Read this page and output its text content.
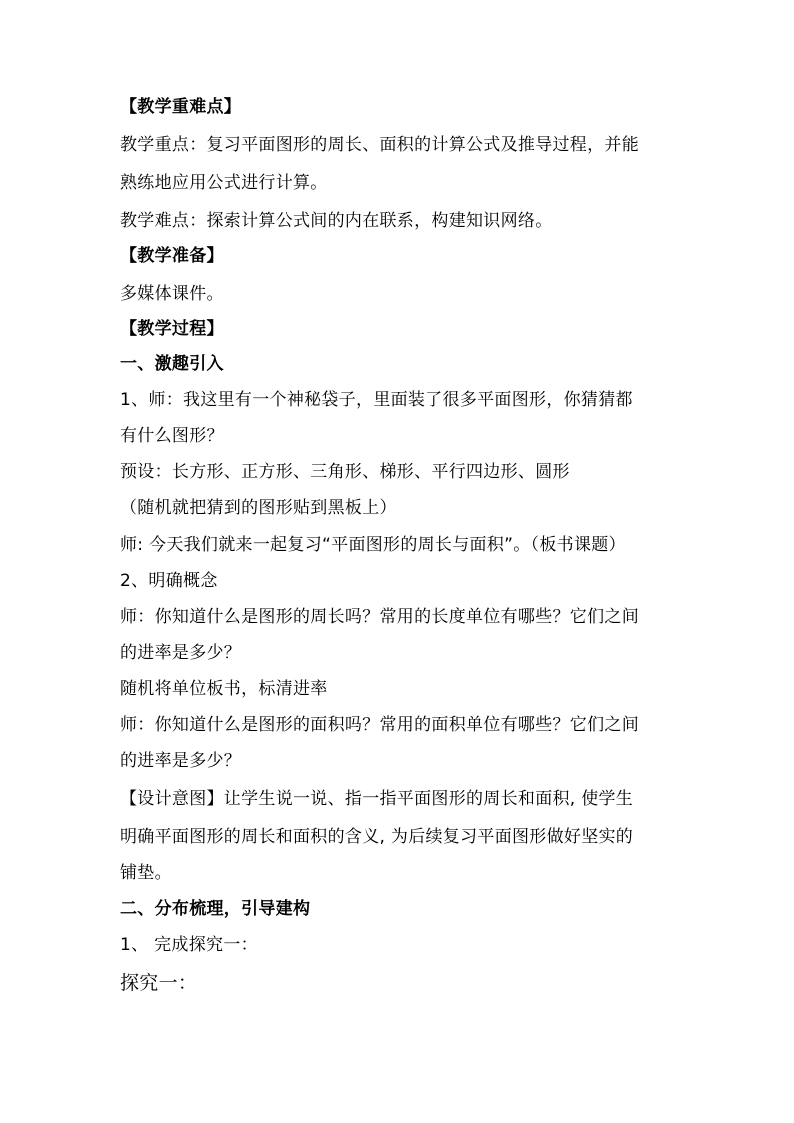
【教学重难点】
教学重点：复习平面图形的周长、面积的计算公式及推导过程，并能
熟练地应用公式进行计算。
教学难点：探索计算公式间的内在联系，构建知识网络。
【教学准备】
多媒体课件。
【教学过程】
一、激趣引入
1、师：我这里有一个神秘袋子，里面装了很多平面图形，你猜猜都
有什么图形？
预设：长方形、正方形、三角形、梯形、平行四边形、圆形
（随机就把猜到的图形贴到黑板上）
师: 今天我们就来一起复习“平面图形的周长与面积”。（板书课题）
2、明确概念
师：你知道什么是图形的周长吗？常用的长度单位有哪些？它们之间
的进率是多少？
随机将单位板书，标清进率
师：你知道什么是图形的面积吗？常用的面积单位有哪些？它们之间
的进率是多少？
【设计意图】让学生说一说、指一指平面图形的周长和面积, 使学生
明确平面图形的周长和面积的含义, 为后续复习平面图形做好坚实的
铺垫。
二、分布梳理，引导建构
1、 完成探究一：
探究一：
